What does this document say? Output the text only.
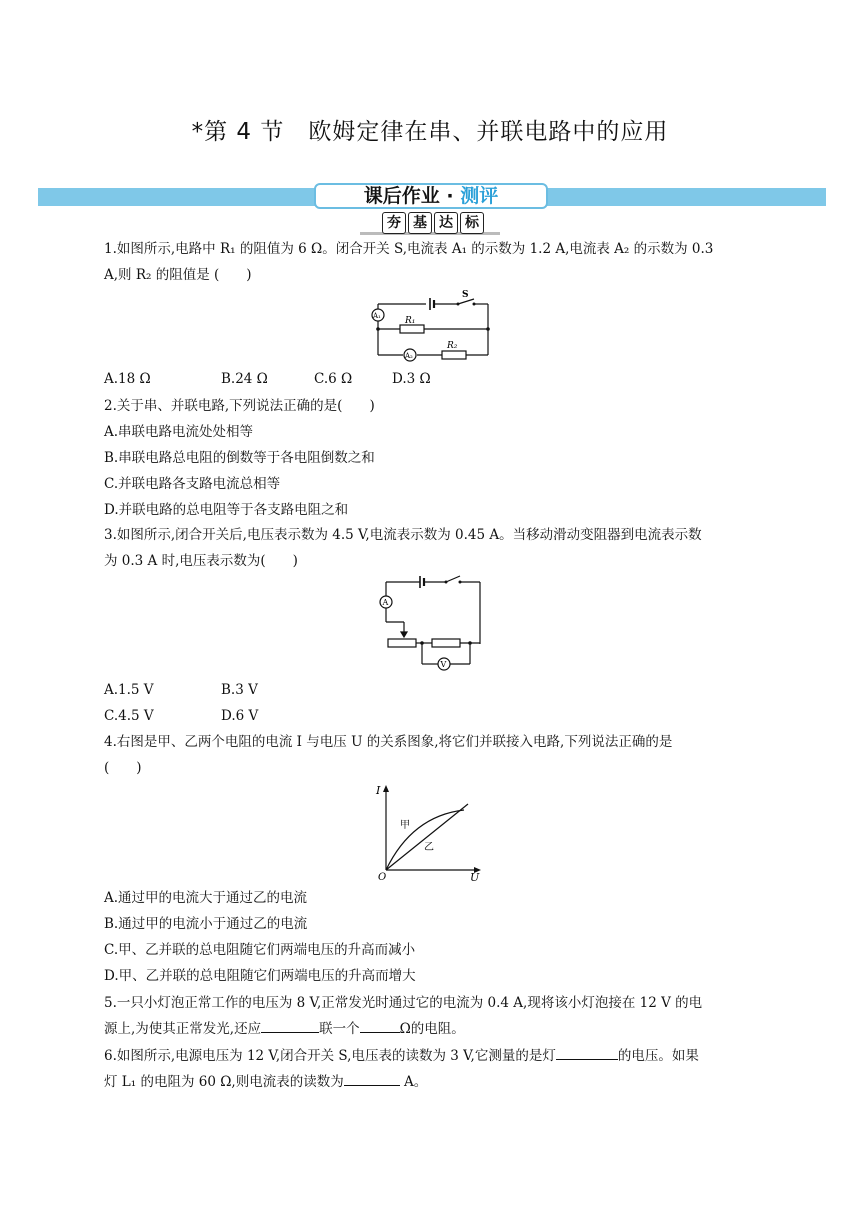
*第 4 节　欧姆定律在串、并联电路中的应用
课后作业 · 测评
夯 基 达 标
1.如图所示,电路中 R₁ 的阻值为 6 Ω。闭合开关 S,电流表 A₁ 的示数为 1.2 A,电流表 A₂ 的示数为 0.3
A,则 R₂ 的阻值是 (　　)
S
A₁	R₁
A₂
R₂
A.18 Ω	B.24 Ω	C.6 Ω	D.3 Ω
2.关于串、并联电路,下列说法正确的是(　　)
A.串联电路电流处处相等
B.串联电路总电阻的倒数等于各电阻倒数之和
C.并联电路各支路电流总相等
D.并联电路的总电阻等于各支路电阻之和
3.如图所示,闭合开关后,电压表示数为 4.5 V,电流表示数为 0.45 A。当移动滑动变阻器到电流表示数
为 0.3 A 时,电压表示数为(　　)
A
V
A.1.5 V	B.3 V
C.4.5 V	D.6 V
4.右图是甲、乙两个电阻的电流 I 与电压 U 的关系图象,将它们并联接入电路,下列说法正确的是
(　　)
I
U
O
甲
乙
A.通过甲的电流大于通过乙的电流
B.通过甲的电流小于通过乙的电流
C.甲、乙并联的总电阻随它们两端电压的升高而减小
D.甲、乙并联的总电阻随它们两端电压的升高而增大
5.一只小灯泡正常工作的电压为 8 V,正常发光时通过它的电流为 0.4 A,现将该小灯泡接在 12 V 的电
源上,为使其正常发光,还应	联一个	Ω的电阻。
6.如图所示,电源电压为 12 V,闭合开关 S,电压表的读数为 3 V,它测量的是灯	的电压。如果
灯 L₁ 的电阻为 60 Ω,则电流表的读数为	A。
